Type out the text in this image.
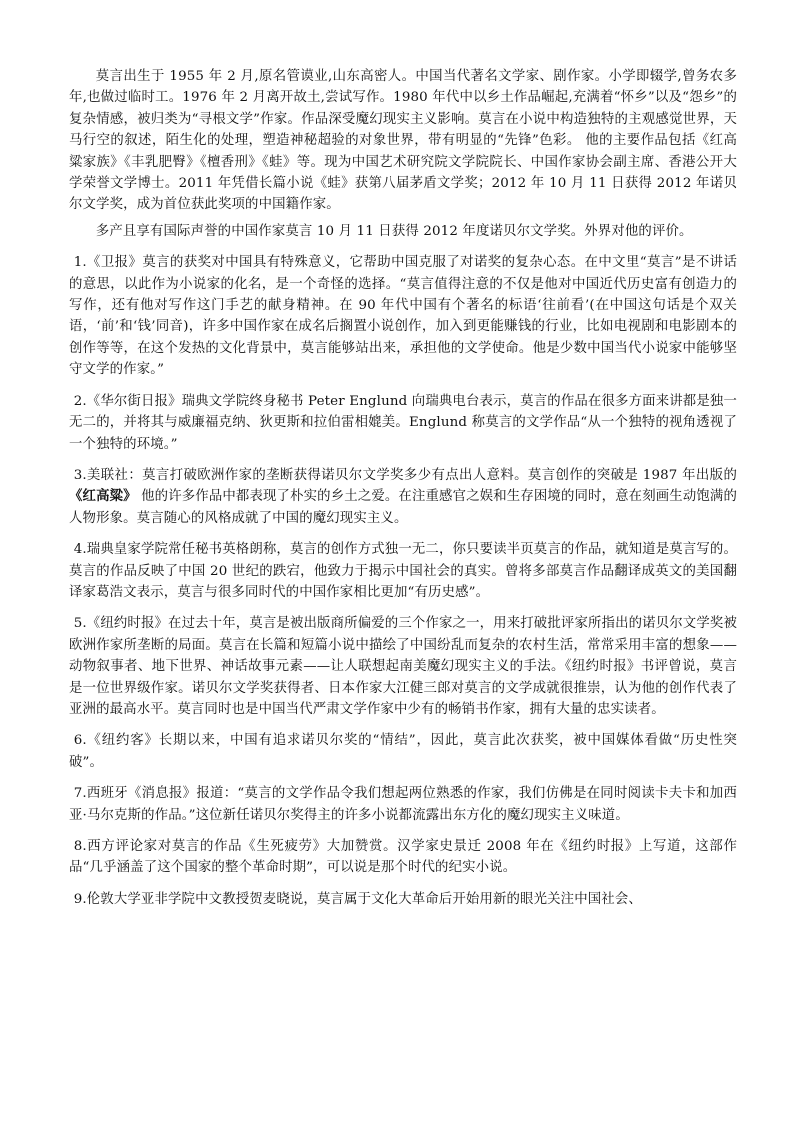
莫言出生于 1955 年 2 月,原名管谟业,山东高密人。中国当代著名文学家、剧作家。小学即辍学,曾务农多年,也做过临时工。1976 年 2 月离开故土,尝试写作。1980 年代中以乡土作品崛起,充满着“怀乡”以及“怨乡”的复杂情感，被归类为“寻根文学”作家。作品深受魔幻现实主义影响。莫言在小说中构造独特的主观感觉世界，天马行空的叙述，陌生化的处理，塑造神秘超验的对象世界，带有明显的“先锋”色彩。 他的主要作品包括《红高粱家族》《丰乳肥臀》《檀香刑》《蛙》等。现为中国艺术研究院文学院院长、中国作家协会副主席、香港公开大学荣誉文学博士。2011 年凭借长篇小说《蛙》获第八届茅盾文学奖；2012 年 10 月 11 日获得 2012 年诺贝尔文学奖，成为首位获此奖项的中国籍作家。

多产且享有国际声誉的中国作家莫言 10 月 11 日获得 2012 年度诺贝尔文学奖。外界对他的评价。

1.《卫报》莫言的获奖对中国具有特殊意义，它帮助中国克服了对诺奖的复杂心态。在中文里“莫言”是不讲话的意思，以此作为小说家的化名，是一个奇怪的选择。“莫言值得注意的不仅是他对中国近代历史富有创造力的写作，还有他对写作这门手艺的献身精神。在 90 年代中国有个著名的标语‘往前看’(在中国这句话是个双关语，‘前’和‘钱’同音)，许多中国作家在成名后搁置小说创作，加入到更能赚钱的行业，比如电视剧和电影剧本的创作等等，在这个发热的文化背景中，莫言能够站出来，承担他的文学使命。他是少数中国当代小说家中能够坚守文学的作家。”

2.《华尔街日报》瑞典文学院终身秘书 Peter Englund 向瑞典电台表示，莫言的作品在很多方面来讲都是独一无二的，并将其与威廉福克纳、狄更斯和拉伯雷相媲美。Englund 称莫言的文学作品“从一个独特的视角透视了一个独特的环境。”

3.美联社：莫言打破欧洲作家的垄断获得诺贝尔文学奖多少有点出人意料。莫言创作的突破是 1987 年出版的《红高粱》 他的许多作品中都表现了朴实的乡土之爱。在注重感官之娱和生存困境的同时，意在刻画生动饱满的人物形象。莫言随心的风格成就了中国的魔幻现实主义。

4.瑞典皇家学院常任秘书英格朗称，莫言的创作方式独一无二，你只要读半页莫言的作品，就知道是莫言写的。莫言的作品反映了中国 20 世纪的跌宕，他致力于揭示中国社会的真实。曾将多部莫言作品翻译成英文的美国翻译家葛浩文表示，莫言与很多同时代的中国作家相比更加“有历史感”。

5.《纽约时报》在过去十年，莫言是被出版商所偏爱的三个作家之一，用来打破批评家所指出的诺贝尔文学奖被欧洲作家所垄断的局面。莫言在长篇和短篇小说中描绘了中国纷乱而复杂的农村生活，常常采用丰富的想象——动物叙事者、地下世界、神话故事元素——让人联想起南美魔幻现实主义的手法。《纽约时报》书评曾说，莫言是一位世界级作家。诺贝尔文学奖获得者、日本作家大江健三郎对莫言的文学成就很推崇，认为他的创作代表了亚洲的最高水平。莫言同时也是中国当代严肃文学作家中少有的畅销书作家，拥有大量的忠实读者。

6.《纽约客》长期以来，中国有追求诺贝尔奖的“情结”，因此，莫言此次获奖，被中国媒体看做“历史性突破”。

7.西班牙《消息报》报道：“莫言的文学作品令我们想起两位熟悉的作家，我们仿佛是在同时阅读卡夫卡和加西亚·马尔克斯的作品。”这位新任诺贝尔奖得主的许多小说都流露出东方化的魔幻现实主义味道。

8.西方评论家对莫言的作品《生死疲劳》大加赞赏。汉学家史景迁 2008 年在《纽约时报》上写道，这部作品“几乎涵盖了这个国家的整个革命时期”，可以说是那个时代的纪实小说。

9.伦敦大学亚非学院中文教授贺麦晓说，莫言属于文化大革命后开始用新的眼光关注中国社会、
